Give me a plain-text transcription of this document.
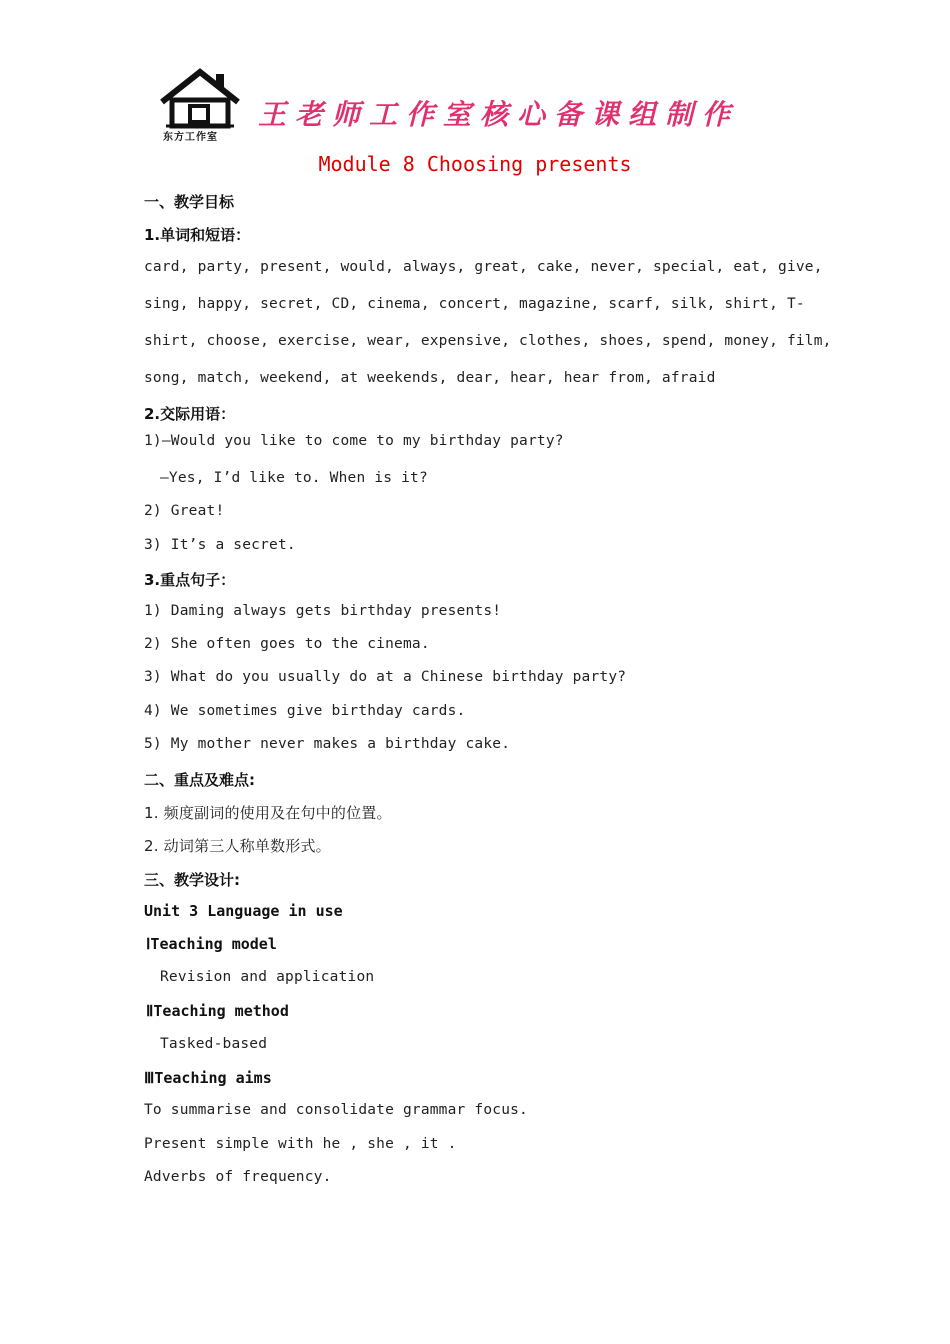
东方工作室
王老师工作室核心备课组制作
Module 8 Choosing presents
一、教学目标
1.单词和短语：
card, party, present, would, always, great, cake, never, special, eat, give,
sing, happy, secret, CD, cinema, concert, magazine, scarf, silk, shirt, T-
shirt, choose, exercise, wear, expensive, clothes, shoes, spend, money, film,
song, match, weekend, at weekends, dear, hear, hear from, afraid
2.交际用语：
1)—Would you like to come to my birthday party?
—Yes, I’d like to. When is it?
2) Great!
3) It’s a secret.
3.重点句子：
1) Daming always gets birthday presents!
2) She often goes to the cinema.
3) What do you usually do at a Chinese birthday party?
4) We sometimes give birthday cards.
5) My mother never makes a birthday cake.
二、重点及难点:
1. 频度副词的使用及在句中的位置。
2. 动词第三人称单数形式。
三、教学设计:
Unit 3 Language in use
ⅠTeaching model
Revision and application
ⅡTeaching method
Tasked-based
ⅢTeaching aims
To summarise and consolidate grammar focus.
Present simple with he , she , it .
Adverbs of frequency.
